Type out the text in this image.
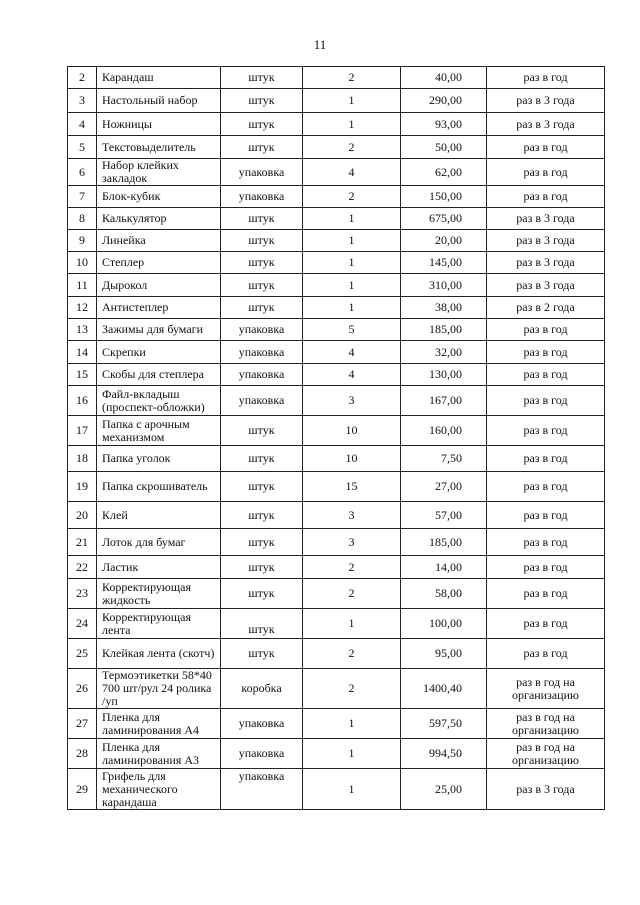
11
2	Карандаш	штук	2	40,00	раз в год
3	Настольный набор	штук	1	290,00	раз в 3 года
4	Ножницы	штук	1	93,00	раз в 3 года
5	Текстовыделитель	штук	2	50,00	раз в год
6	Набор клейких закладок	упаковка	4	62,00	раз в год
7	Блок-кубик	упаковка	2	150,00	раз в год
8	Калькулятор	штук	1	675,00	раз в 3 года
9	Линейка	штук	1	20,00	раз в 3 года
10	Степлер	штук	1	145,00	раз в 3 года
11	Дырокол	штук	1	310,00	раз в 3 года
12	Антистеплер	штук	1	38,00	раз в 2 года
13	Зажимы для бумаги	упаковка	5	185,00	раз в год
14	Скрепки	упаковка	4	32,00	раз в год
15	Скобы для степлера	упаковка	4	130,00	раз в год
16	Файл-вкладыш (проспект-обложки)	упаковка	3	167,00	раз в год
17	Папка с арочным механизмом	штук	10	160,00	раз в год
18	Папка уголок	штук	10	7,50	раз в год
19	Папка скрошиватель	штук	15	27,00	раз в год
20	Клей	штук	3	57,00	раз в год
21	Лоток для бумаг	штук	3	185,00	раз в год
22	Ластик	штук	2	14,00	раз в год
23	Корректирующая жидкость	штук	2	58,00	раз в год
24	Корректирующая лента	штук	1	100,00	раз в год
25	Клейкая лента (скотч)	штук	2	95,00	раз в год
26	Термоэтикетки 58*40 700 шт/рул 24 ролика /уп	коробка	2	1400,40	раз в год на организацию
27	Пленка для ламинирования А4	упаковка	1	597,50	раз в год на организацию
28	Пленка для ламинирования А3	упаковка	1	994,50	раз в год на организацию
29	Грифель для механического карандаша	упаковка	1	25,00	раз в 3 года
